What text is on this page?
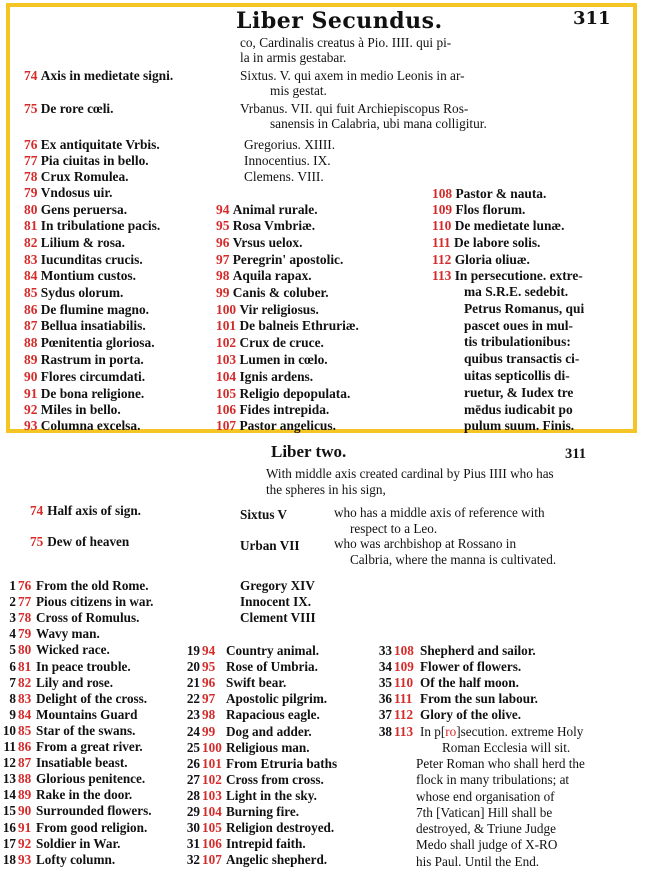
Liber Secundus.	311
co, Cardinalis creatus à Pio. IIII. qui pi-
la in armis gestabar.
74 Axis in medietate signi.	Sixtus. V. qui axem in medio Leonis in ar-
mis gestat.
75 De rore cœli.	Vrbanus. VII. qui fuit Archiepiscopus Ros-
sanensis in Calabria, ubi mana colligitur.
76 Ex antiquitate Vrbis.	Gregorius. XIIII.
77 Pia ciuitas in bello.	Innocentius. IX.
78 Crux Romulea.	Clemens. VIII.
79 Vndosus uir.
80 Gens peruersa.
81 In tribulatione pacis.
82 Lilium & rosa.
83 Iucunditas crucis.
84 Montium custos.
85 Sydus olorum.
86 De flumine magno.
87 Bellua insatiabilis.
88 Pœnitentia gloriosa.
89 Rastrum in porta.
90 Flores circumdati.
91 De bona religione.
92 Miles in bello.
93 Columna excelsa.
94 Animal rurale.
95 Rosa Vmbriæ.
96 Vrsus uelox.
97 Peregrin' apostolic.
98 Aquila rapax.
99 Canis & coluber.
100 Vir religiosus.
101 De balneis Ethruriæ.
102 Crux de cruce.
103 Lumen in cœlo.
104 Ignis ardens.
105 Religio depopulata.
106 Fides intrepida.
107 Pastor angelicus.
108 Pastor & nauta.
109 Flos florum.
110 De medietate lunæ.
111 De labore solis.
112 Gloria oliuæ.
113 In persecutione. extre-
ma S.R.E. sedebit.
Petrus Romanus, qui
pascet oues in mul-
tis tribulationibus:
quibus transactis ci-
uitas septicollis di-
ruetur, & Iudex tre
mēdus iudicabit po
pulum suum. Finis.
Liber two.	311
With middle axis created cardinal by Pius IIII who has
the spheres in his sign,
74 Half axis of sign.	Sixtus V	who has a middle axis of reference with
respect to a Leo.
75 Dew of heaven	Urban VII	who was archbishop at Rossano in
Calbria, where the manna is cultivated.
1 76 From the old Rome.	Gregory XIV
2 77 Pious citizens in war.	Innocent IX.
3 78 Cross of Romulus.	Clement VIII
4 79 Wavy man.
5 80 Wicked race.
6 81 In peace trouble.
7 82 Lily and rose.
8 83 Delight of the cross.
9 84 Mountains Guard
10 85 Star of the swans.
11 86 From a great river.
12 87 Insatiable beast.
13 88 Glorious penitence.
14 89 Rake in the door.
15 90 Surrounded flowers.
16 91 From good religion.
17 92 Soldier in War.
18 93 Lofty column.
19 94 Country animal.
20 95 Rose of Umbria.
21 96 Swift bear.
22 97 Apostolic pilgrim.
23 98 Rapacious eagle.
24 99 Dog and adder.
25 100 Religious man.
26 101 From Etruria baths
27 102 Cross from cross.
28 103 Light in the sky.
29 104 Burning fire.
30 105 Religion destroyed.
31 106 Intrepid faith.
32 107 Angelic shepherd.
33 108 Shepherd and sailor.
34 109 Flower of flowers.
35 110 Of the half moon.
36 111 From the sun labour.
37 112 Glory of the olive.
38 113 In p[ro]secution. extreme Holy
Roman Ecclesia will sit.
Peter Roman who shall herd the
flock in many tribulations; at
whose end organisation of
7th [Vatican] Hill shall be
destroyed, & Triune Judge
Medo shall judge of X-RO
his Paul. Until the End.
